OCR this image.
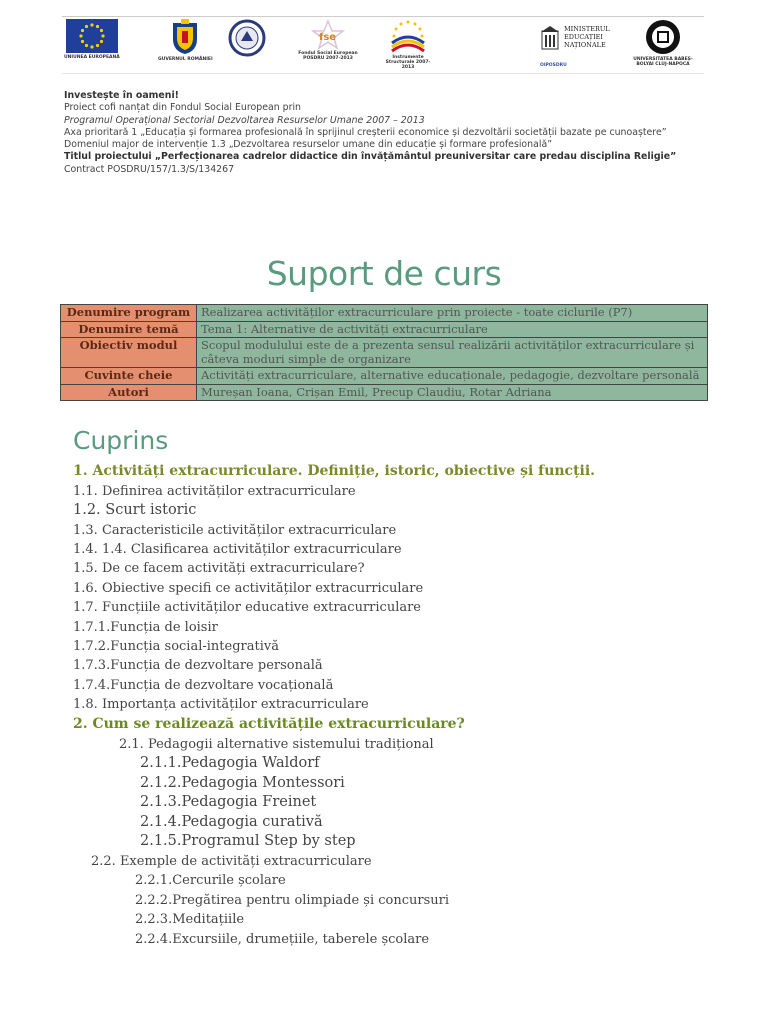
UNIUNEA EUROPEANĂ	GUVERNUL ROMÂNIEI
fse
Fondul Social European POSDRU 2007-2013	Instrumente Structurale 2007-2013
MINISTERUL
EDUCAȚIEI
NAȚIONALE
OIPOSDRU
UNIVERSITATEA BABEȘ-BOLYAI CLUJ-NAPOCA
Investește în oameni!
Proiect cofi nanțat din Fondul Social European prin
Programul Operațional Sectorial Dezvoltarea Resurselor Umane 2007 – 2013
Axa prioritară 1 „Educația și formarea profesională în sprijinul creșterii economice și dezvoltării societății bazate pe cunoaștere”
Domeniul major de intervenție 1.3 „Dezvoltarea resurselor umane din educație și formare profesională”
Titlul proiectului „Perfecționarea cadrelor didactice din învățământul preuniversitar care predau disciplina Religie”
Contract POSDRU/157/1.3/S/134267
Suport de curs
Denumire program	Realizarea activităților extracurriculare prin proiecte - toate ciclurile (P7)
Denumire temă	Tema 1: Alternative de activități extracurriculare
Obiectiv modul	Scopul modulului este de a prezenta sensul realizării activităților extracurriculare și câteva moduri simple de organizare
Cuvinte cheie	Activități extracurriculare, alternative educaționale, pedagogie, dezvoltare personală
Autori	Mureșan Ioana, Crișan Emil, Precup Claudiu, Rotar Adriana
Cuprins
1. Activități extracurriculare. Definiție, istoric, obiective și funcții.
1.1. Definirea activităților extracurriculare
1.2. Scurt istoric
1.3. Caracteristicile activităților extracurriculare
1.4. 1.4. Clasificarea activităților extracurriculare
1.5. De ce facem activități extracurriculare?
1.6. Obiective specifi ce activităților extracurriculare
1.7. Funcțiile activităților educative extracurriculare
1.7.1.Funcția de loisir
1.7.2.Funcția social-integrativă
1.7.3.Funcția de dezvoltare personală
1.7.4.Funcția de dezvoltare vocațională
1.8. Importanța activităților extracurriculare
2. Cum se realizează activitățile extracurriculare?
2.1. Pedagogii alternative sistemului tradițional
2.1.1.Pedagogia Waldorf
2.1.2.Pedagogia Montessori
2.1.3.Pedagogia Freinet
2.1.4.Pedagogia curativă
2.1.5.Programul Step by step
2.2. Exemple de activități extracurriculare
2.2.1.Cercurile școlare
2.2.2.Pregătirea pentru olimpiade și concursuri
2.2.3.Meditațiile
2.2.4.Excursiile, drumețiile, taberele școlare
